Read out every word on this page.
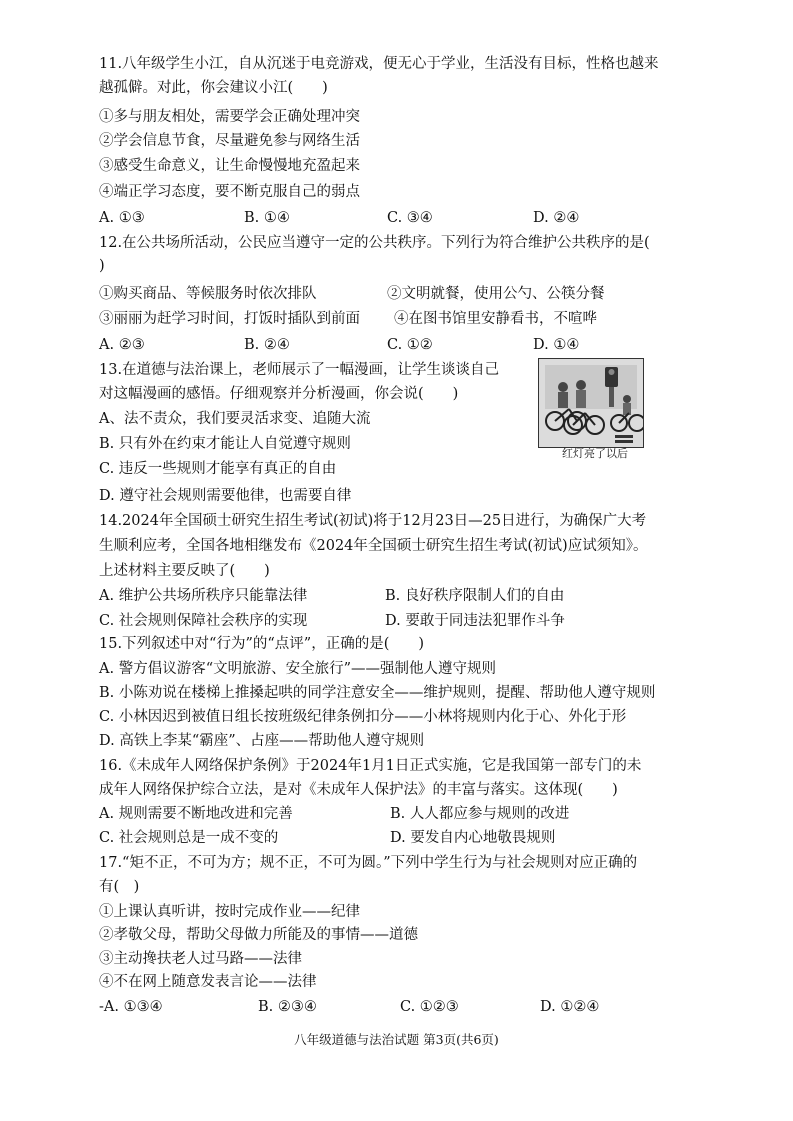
11.八年级学生小江，自从沉迷于电竞游戏，便无心于学业，生活没有目标，性格也越来
越孤僻。对此，你会建议小江(　　)
①多与朋友相处，需要学会正确处理冲突
②学会信息节食，尽量避免参与网络生活
③感受生命意义，让生命慢慢地充盈起来
④端正学习态度，要不断克服自己的弱点
A. ①③	B. ①④	C. ③④	D. ②④
12.在公共场所活动，公民应当遵守一定的公共秩序。下列行为符合维护公共秩序的是(
)
①购买商品、等候服务时依次排队	②文明就餐，使用公勺、公筷分餐
③丽丽为赶学习时间，打饭时插队到前面 ④在图书馆里安静看书，不喧哗
A. ②③	B. ②④	C. ①②	D. ①④
13.在道德与法治课上，老师展示了一幅漫画，让学生谈谈自己
对这幅漫画的感悟。仔细观察并分析漫画，你会说(　　)
A、法不责众，我们要灵活求变、追随大流
B. 只有外在约束才能让人自觉遵守规则
C. 违反一些规则才能享有真正的自由
D. 遵守社会规则需要他律，也需要自律
红灯亮了以后
14.2024年全国硕士研究生招生考试(初试)将于12月23日—25日进行，为确保广大考
生顺利应考，全国各地相继发布《2024年全国硕士研究生招生考试(初试)应试须知》。
上述材料主要反映了(　　)
A. 维护公共场所秩序只能靠法律	B. 良好秩序限制人们的自由
C. 社会规则保障社会秩序的实现	D. 要敢于同违法犯罪作斗争
15.下列叙述中对“行为”的“点评”，正确的是(　　)
A. 警方倡议游客“文明旅游、安全旅行”——强制他人遵守规则
B. 小陈劝说在楼梯上推搡起哄的同学注意安全——维护规则，提醒、帮助他人遵守规则
C. 小林因迟到被值日组长按班级纪律条例扣分——小林将规则内化于心、外化于形
D. 高铁上李某“霸座”、占座——帮助他人遵守规则
16.《未成年人网络保护条例》于2024年1月1日正式实施，它是我国第一部专门的未
成年人网络保护综合立法，是对《未成年人保护法》的丰富与落实。这体现(　　)
A. 规则需要不断地改进和完善	B. 人人都应参与规则的改进
C. 社会规则总是一成不变的	D. 要发自内心地敬畏规则
17.“矩不正，不可为方；规不正，不可为圆。”下列中学生行为与社会规则对应正确的
有(　)
①上课认真听讲，按时完成作业——纪律
②孝敬父母，帮助父母做力所能及的事情——道德
③主动搀扶老人过马路——法律
④不在网上随意发表言论——法律
-A. ①③④	B. ②③④	C. ①②③	D. ①②④
八年级道德与法治试题 第3页(共6页)
